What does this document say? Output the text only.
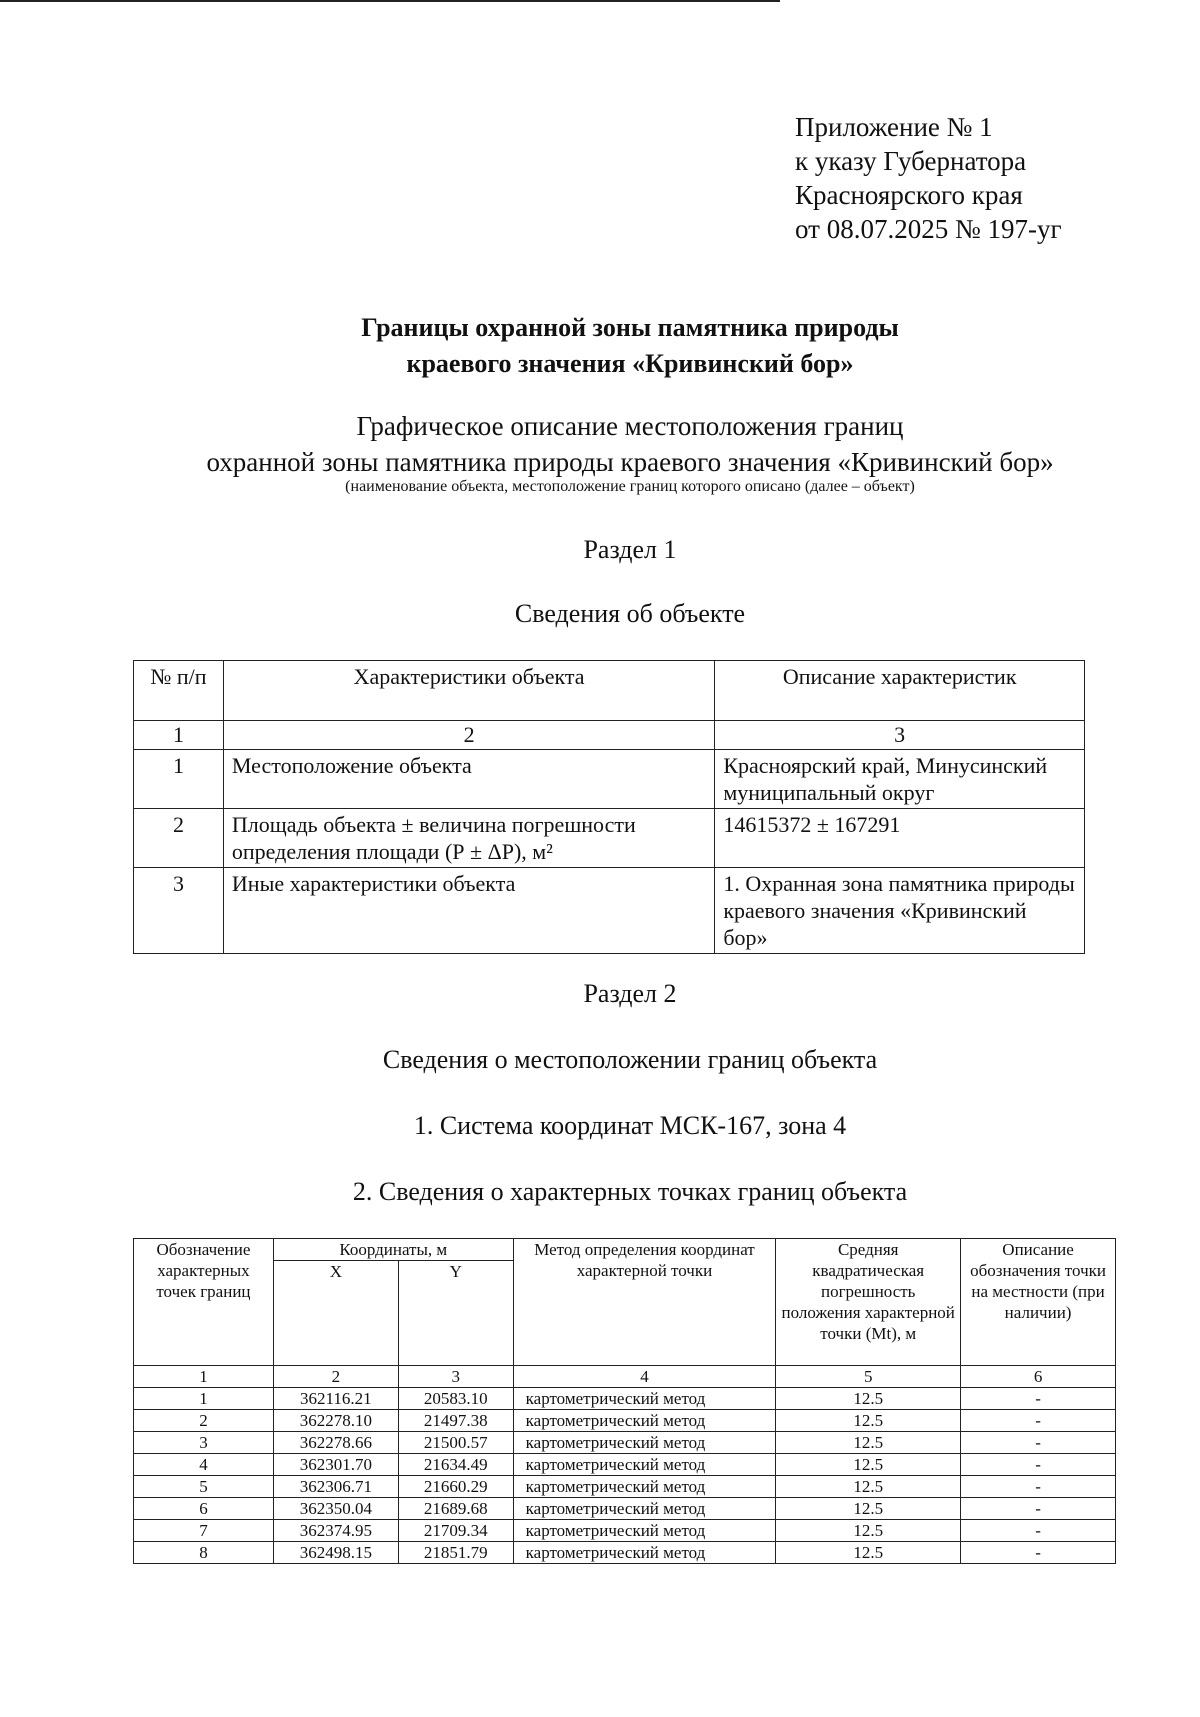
Приложение № 1
к указу Губернатора
Красноярского края
от 08.07.2025 № 197-уг
Границы охранной зоны памятника природы
краевого значения «Кривинский бор»
Графическое описание местоположения границ
охранной зоны памятника природы краевого значения «Кривинский бор»
(наименование объекта, местоположение границ которого описано (далее – объект)
Раздел 1
Сведения об объекте
№ п/п	Характеристики объекта	Описание характеристик
1	2	3
1	Местоположение объекта	Красноярский край, Минусинский муниципальный округ
2	Площадь объекта ± величина погрешности определения площади (Р ± ΔР), м²	14615372 ± 167291
3	Иные характеристики объекта	1. Охранная зона памятника природы краевого значения «Кривинский бор»
Раздел 2
Сведения о местоположении границ объекта
1. Система координат МСК-167, зона 4
2. Сведения о характерных точках границ объекта
Обозначение характерных точек границ	Координаты, м		Метод определения координат характерной точки	Средняя квадратическая погрешность положения характерной точки (Mt), м	Описание обозначения точки на местности (при наличии)
	X	Y			
1	2	3	4	5	6
1	362116.21	20583.10	картометрический метод	12.5	-
2	362278.10	21497.38	картометрический метод	12.5	-
3	362278.66	21500.57	картометрический метод	12.5	-
4	362301.70	21634.49	картометрический метод	12.5	-
5	362306.71	21660.29	картометрический метод	12.5	-
6	362350.04	21689.68	картометрический метод	12.5	-
7	362374.95	21709.34	картометрический метод	12.5	-
8	362498.15	21851.79	картометрический метод	12.5	-
